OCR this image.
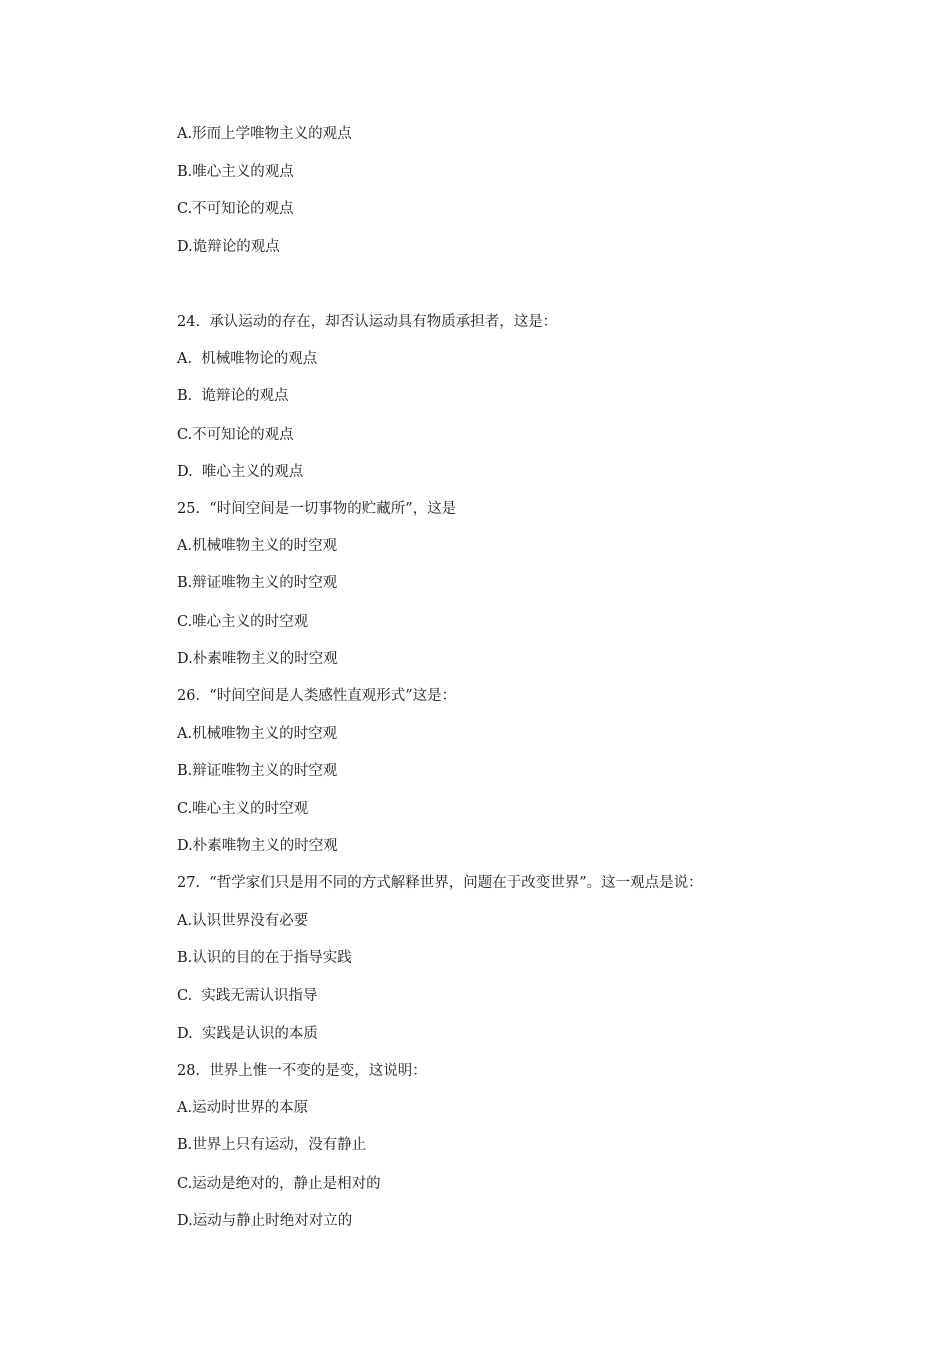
A.形而上学唯物主义的观点
B.唯心主义的观点
C.不可知论的观点
D.诡辩论的观点
24.  承认运动的存在，却否认运动具有物质承担者，这是：
A.  机械唯物论的观点
B.  诡辩论的观点
C.不可知论的观点
D.  唯心主义的观点
25.  “时间空间是一切事物的贮藏所”，这是
A.机械唯物主义的时空观
B.辩证唯物主义的时空观
C.唯心主义的时空观
D.朴素唯物主义的时空观
26.  “时间空间是人类感性直观形式”这是：
A.机械唯物主义的时空观
B.辩证唯物主义的时空观
C.唯心主义的时空观
D.朴素唯物主义的时空观
27.  “哲学家们只是用不同的方式解释世界，问题在于改变世界”。这一观点是说：
A.认识世界没有必要
B.认识的目的在于指导实践
C.  实践无需认识指导
D.  实践是认识的本质
28.  世界上惟一不变的是变，这说明：
A.运动时世界的本原
B.世界上只有运动，没有静止
C.运动是绝对的，静止是相对的
D.运动与静止时绝对对立的
